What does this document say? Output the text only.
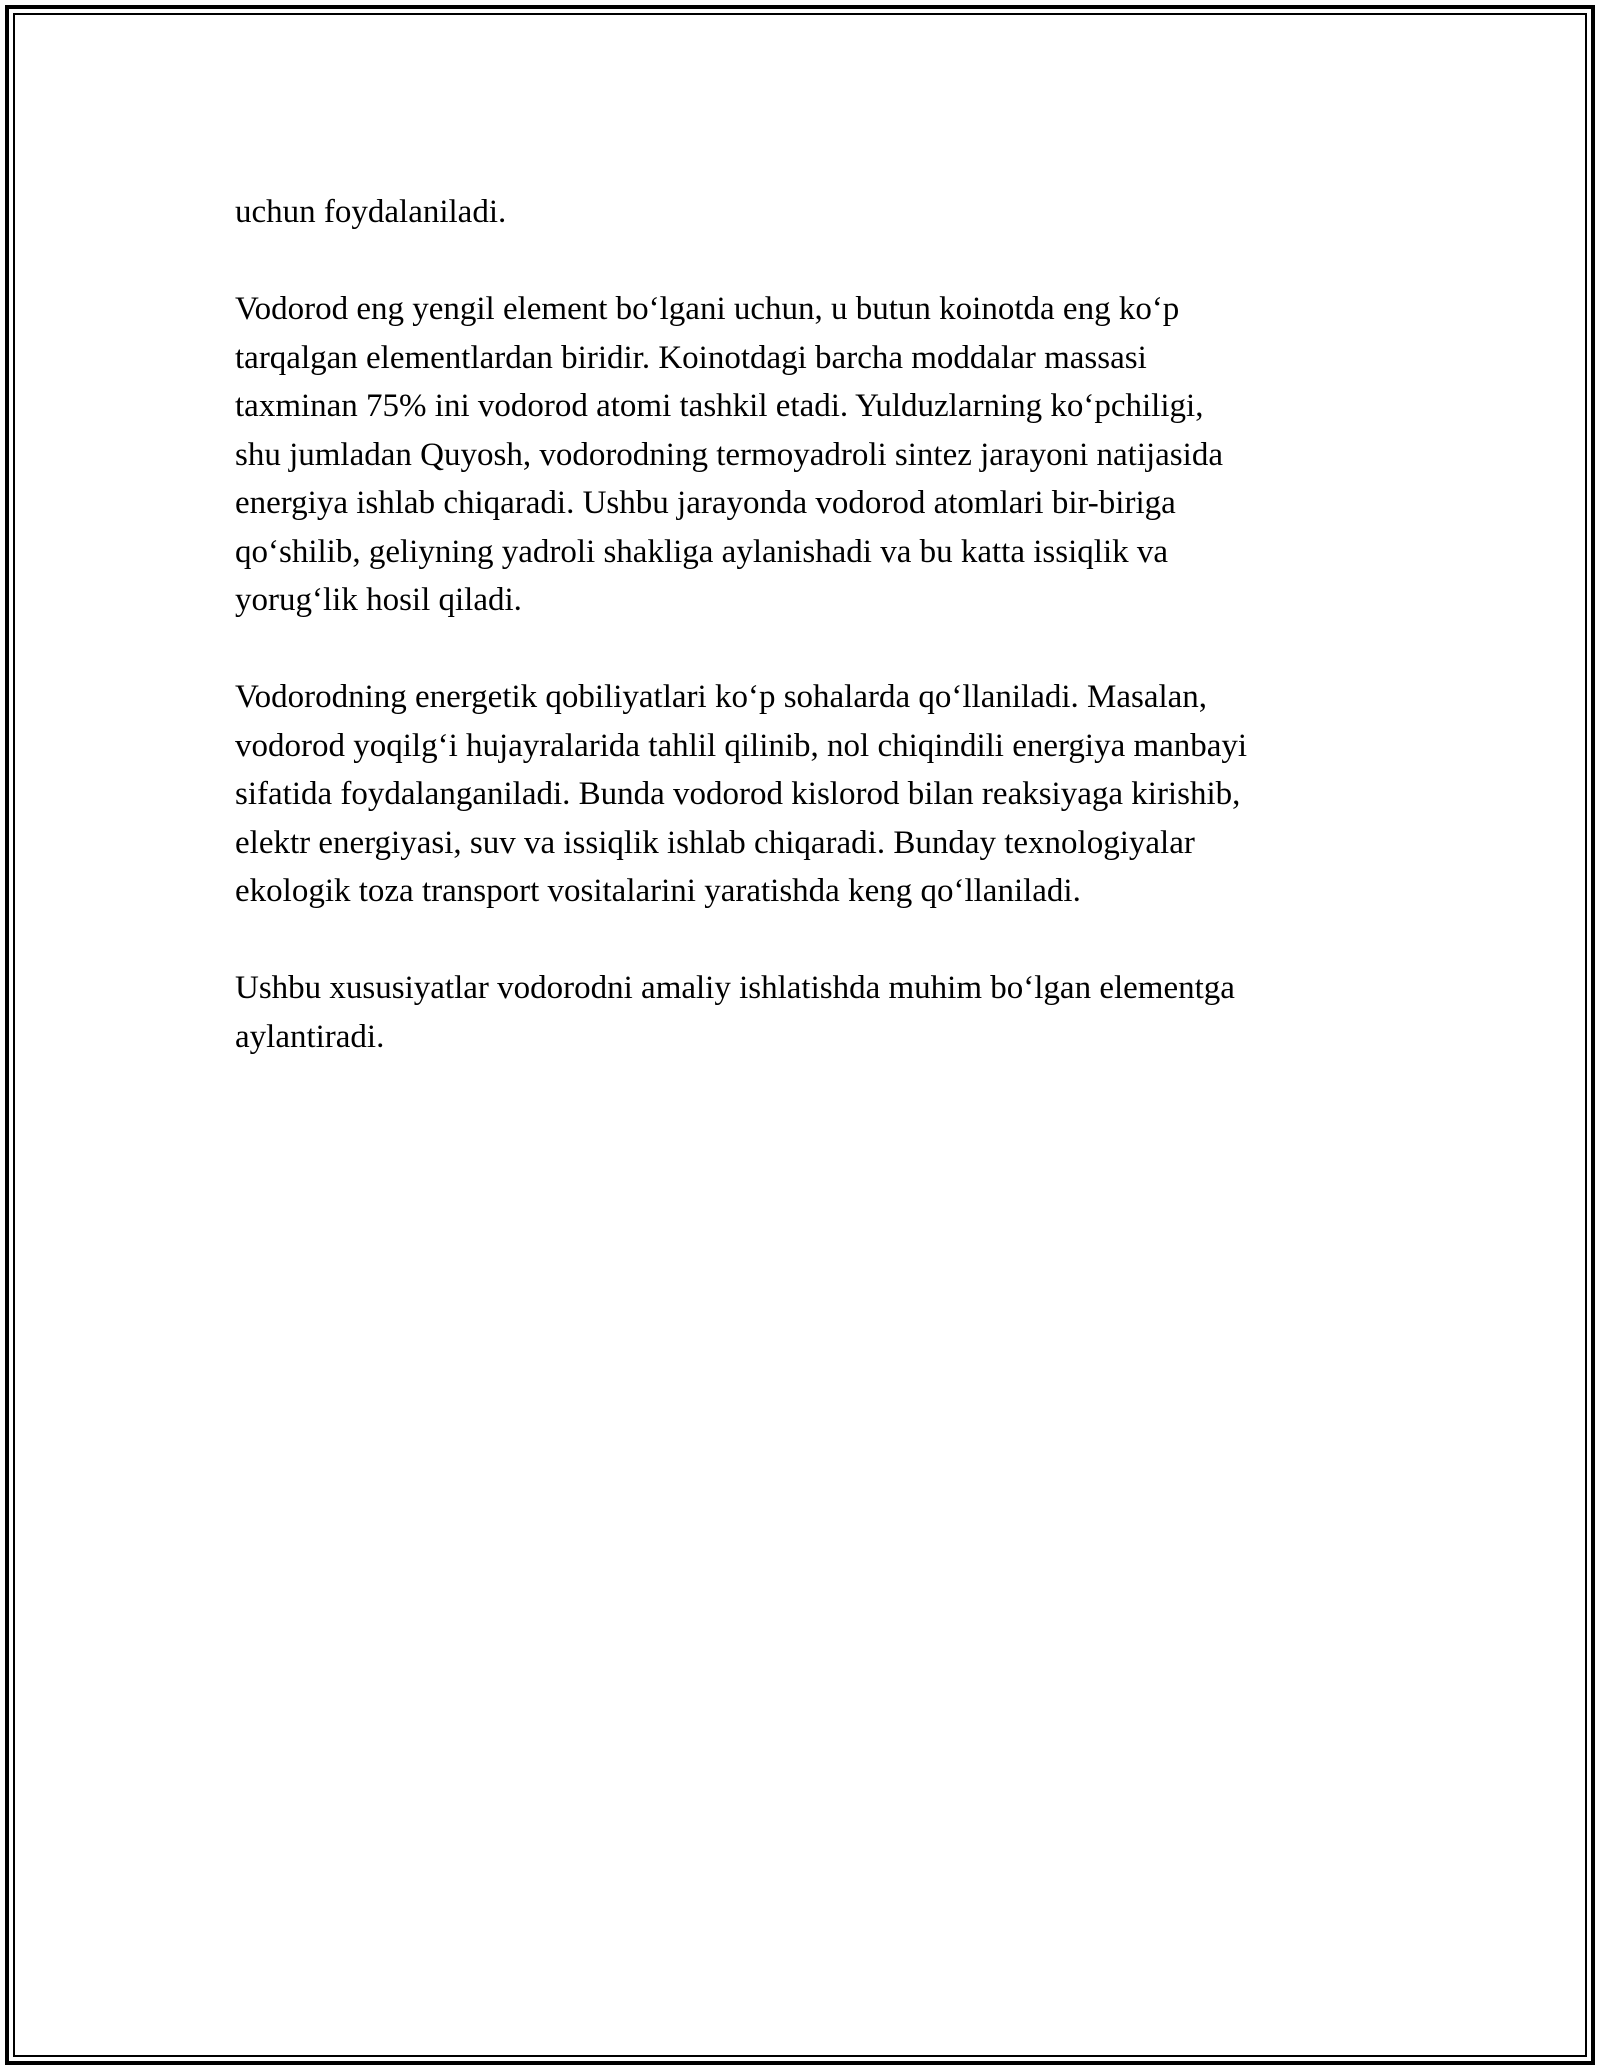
uchun foydalaniladi.

Vodorod eng yengil element bo‘lgani uchun, u butun koinotda eng ko‘p
tarqalgan elementlardan biridir. Koinotdagi barcha moddalar massasi
taxminan 75% ini vodorod atomi tashkil etadi. Yulduzlarning ko‘pchiligi,
shu jumladan Quyosh, vodorodning termoyadroli sintez jarayoni natijasida
energiya ishlab chiqaradi. Ushbu jarayonda vodorod atomlari bir-biriga
qo‘shilib, geliyning yadroli shakliga aylanishadi va bu katta issiqlik va
yorug‘lik hosil qiladi.

Vodorodning energetik qobiliyatlari ko‘p sohalarda qo‘llaniladi. Masalan,
vodorod yoqilg‘i hujayralarida tahlil qilinib, nol chiqindili energiya manbayi
sifatida foydalanganiladi. Bunda vodorod kislorod bilan reaksiyaga kirishib,
elektr energiyasi, suv va issiqlik ishlab chiqaradi. Bunday texnologiyalar
ekologik toza transport vositalarini yaratishda keng qo‘llaniladi.

Ushbu xususiyatlar vodorodni amaliy ishlatishda muhim bo‘lgan elementga
aylantiradi.
